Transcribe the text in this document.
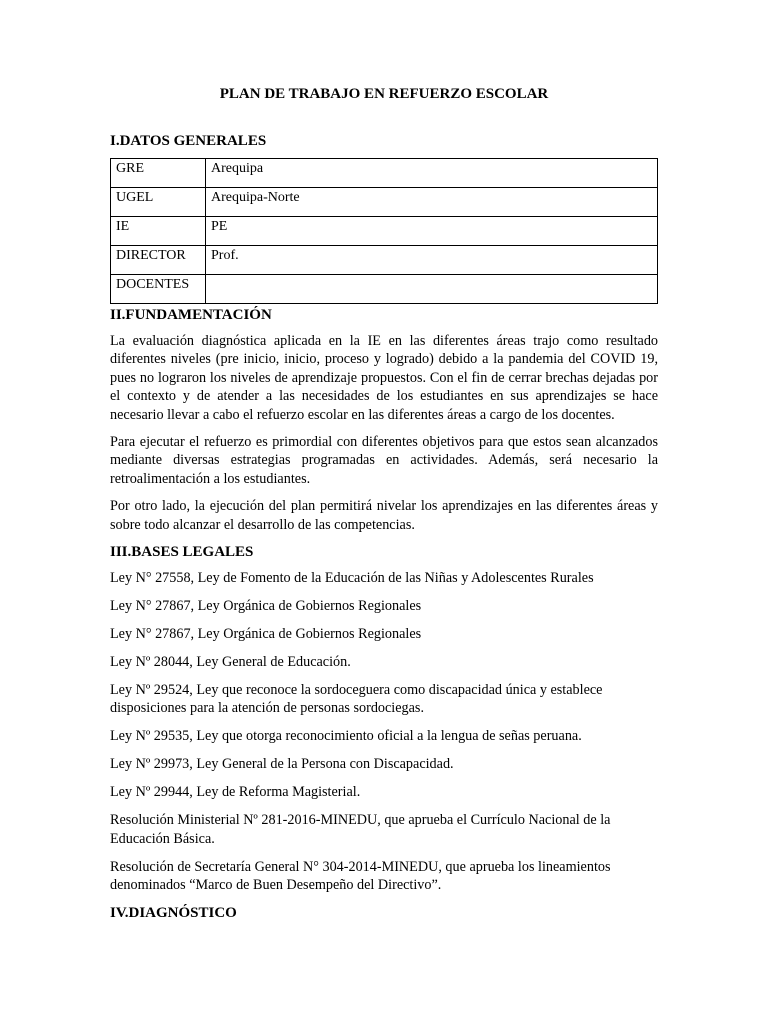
PLAN DE TRABAJO EN REFUERZO ESCOLAR
I.DATOS GENERALES
GRE	Arequipa
UGEL	Arequipa-Norte
IE	PE
DIRECTOR	Prof.
DOCENTES	
II.FUNDAMENTACIÓN

La evaluación diagnóstica aplicada en la IE en las diferentes áreas trajo como resultado diferentes niveles (pre inicio, inicio, proceso y logrado) debido a la pandemia del COVID 19, pues no lograron los niveles de aprendizaje propuestos. Con el fin de cerrar brechas dejadas por el contexto y de atender a las necesidades de los estudiantes en sus aprendizajes se hace necesario llevar a cabo el refuerzo escolar en las diferentes áreas a cargo de los docentes.

Para ejecutar el refuerzo es primordial con diferentes objetivos para que estos sean alcanzados mediante diversas estrategias programadas en actividades. Además, será necesario la retroalimentación a los estudiantes.

Por otro lado, la ejecución del plan permitirá nivelar los aprendizajes en las diferentes áreas y sobre todo alcanzar el desarrollo de las competencias.

III.BASES LEGALES

Ley N° 27558, Ley de Fomento de la Educación de las Niñas y Adolescentes Rurales

Ley N° 27867, Ley Orgánica de Gobiernos Regionales

Ley N° 27867, Ley Orgánica de Gobiernos Regionales

Ley Nº 28044, Ley General de Educación.

Ley Nº 29524, Ley que reconoce la sordoceguera como discapacidad única y establece disposiciones para la atención de personas sordociegas.

Ley Nº 29535, Ley que otorga reconocimiento oficial a la lengua de señas peruana.

Ley Nº 29973, Ley General de la Persona con Discapacidad.

Ley Nº 29944, Ley de Reforma Magisterial.

Resolución Ministerial Nº 281-2016-MINEDU, que aprueba el Currículo Nacional de la Educación Básica.

Resolución de Secretaría General N° 304-2014-MINEDU, que aprueba los lineamientos denominados “Marco de Buen Desempeño del Directivo”.

IV.DIAGNÓSTICO
